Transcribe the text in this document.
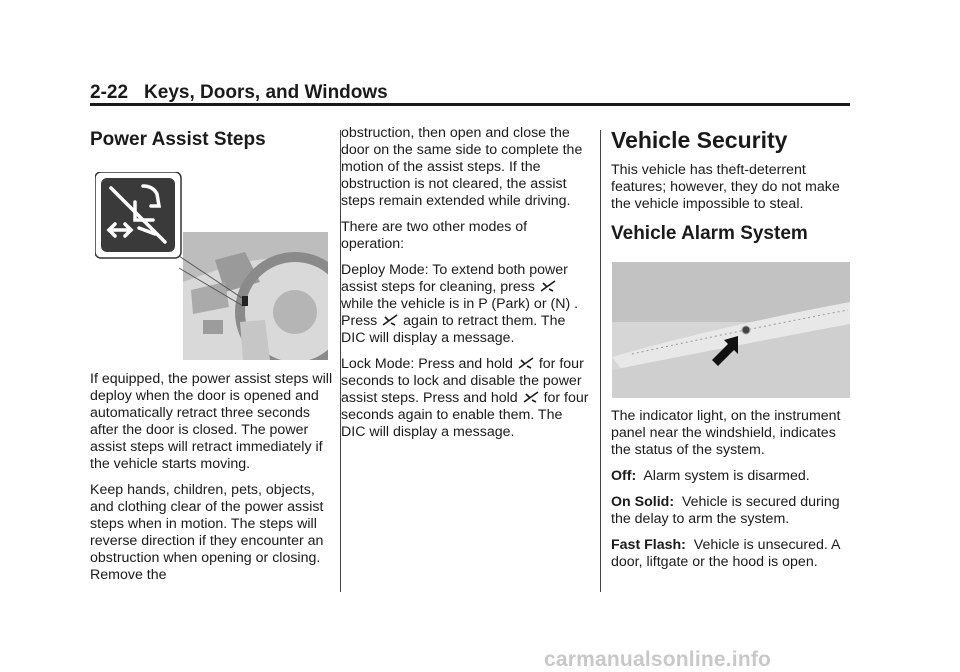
2-22 Keys, Doors, and Windows
Power Assist Steps

If equipped, the power assist steps will deploy when the door is opened and automatically retract three seconds after the door is closed. The power assist steps will retract immediately if the vehicle starts moving.

Keep hands, children, pets, objects, and clothing clear of the power assist steps when in motion. The steps will reverse direction if they encounter an obstruction when opening or closing. Remove the

obstruction, then open and close the door on the same side to complete the motion of the assist steps. If the obstruction is not cleared, the assist steps remain extended while driving.

There are two other modes of operation:

Deploy Mode: To extend both power assist steps for cleaning, press  while the vehicle is in P (Park) or (N) . Press again to retract them. The DIC will display a message.

Lock Mode: Press and hold for four seconds to lock and disable the power assist steps. Press and hold for four seconds again to enable them. The DIC will display a message.

Vehicle Security

This vehicle has theft-deterrent features; however, they do not make the vehicle impossible to steal.

Vehicle Alarm System

The indicator light, on the instrument panel near the windshield, indicates the status of the system.

Off: Alarm system is disarmed.

On Solid: Vehicle is secured during the delay to arm the system.

Fast Flash: Vehicle is unsecured. A door, liftgate or the hood is open.

carmanualsonline.info
